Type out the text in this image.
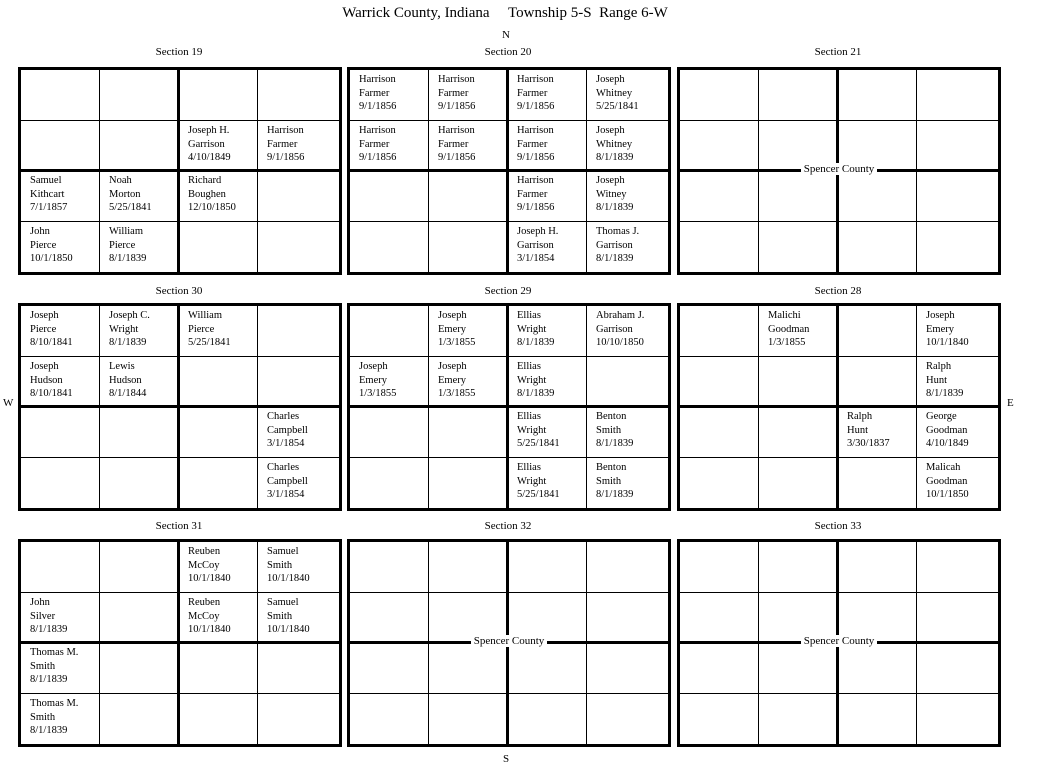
Warrick County, Indiana     Township 5-S  Range 6-W
N
S
W	E
Section 19
Joseph H.
Garrison
4/10/1849
Harrison
Farmer
9/1/1856
Samuel
Kithcart
7/1/1857
Noah
Morton
5/25/1841
Richard
Boughen
12/10/1850
John
Pierce
10/1/1850
William
Pierce
8/1/1839
Section 20
Harrison
Farmer
9/1/1856
Harrison
Farmer
9/1/1856
Harrison
Farmer
9/1/1856
Joseph
Whitney
5/25/1841
Harrison
Farmer
9/1/1856
Harrison
Farmer
9/1/1856
Harrison
Farmer
9/1/1856
Joseph
Whitney
8/1/1839
Harrison
Farmer
9/1/1856
Joseph
Witney
8/1/1839
Joseph H.
Garrison
3/1/1854
Thomas J.
Garrison
8/1/1839
Section 21
Spencer County
Section 30
Joseph
Pierce
8/10/1841
Joseph C.
Wright
8/1/1839
William
Pierce
5/25/1841
Joseph
Hudson
8/10/1841
Lewis
Hudson
8/1/1844
Charles
Campbell
3/1/1854
Charles
Campbell
3/1/1854
Section 29
Joseph
Emery
1/3/1855
Ellias
Wright
8/1/1839
Abraham J.
Garrison
10/10/1850
Joseph
Emery
1/3/1855
Joseph
Emery
1/3/1855
Ellias
Wright
8/1/1839
Ellias
Wright
5/25/1841
Benton
Smith
8/1/1839
Ellias
Wright
5/25/1841
Benton
Smith
8/1/1839
Section 28
Malichi
Goodman
1/3/1855
Joseph
Emery
10/1/1840
Ralph
Hunt
8/1/1839
Ralph
Hunt
3/30/1837
George
Goodman
4/10/1849
Malicah
Goodman
10/1/1850
Section 31
Reuben
McCoy
10/1/1840
Samuel
Smith
10/1/1840
John
Silver
8/1/1839
Reuben
McCoy
10/1/1840
Samuel
Smith
10/1/1840
Thomas M.
Smith
8/1/1839
Thomas M.
Smith
8/1/1839
Section 32
Spencer County
Section 33
Spencer County
